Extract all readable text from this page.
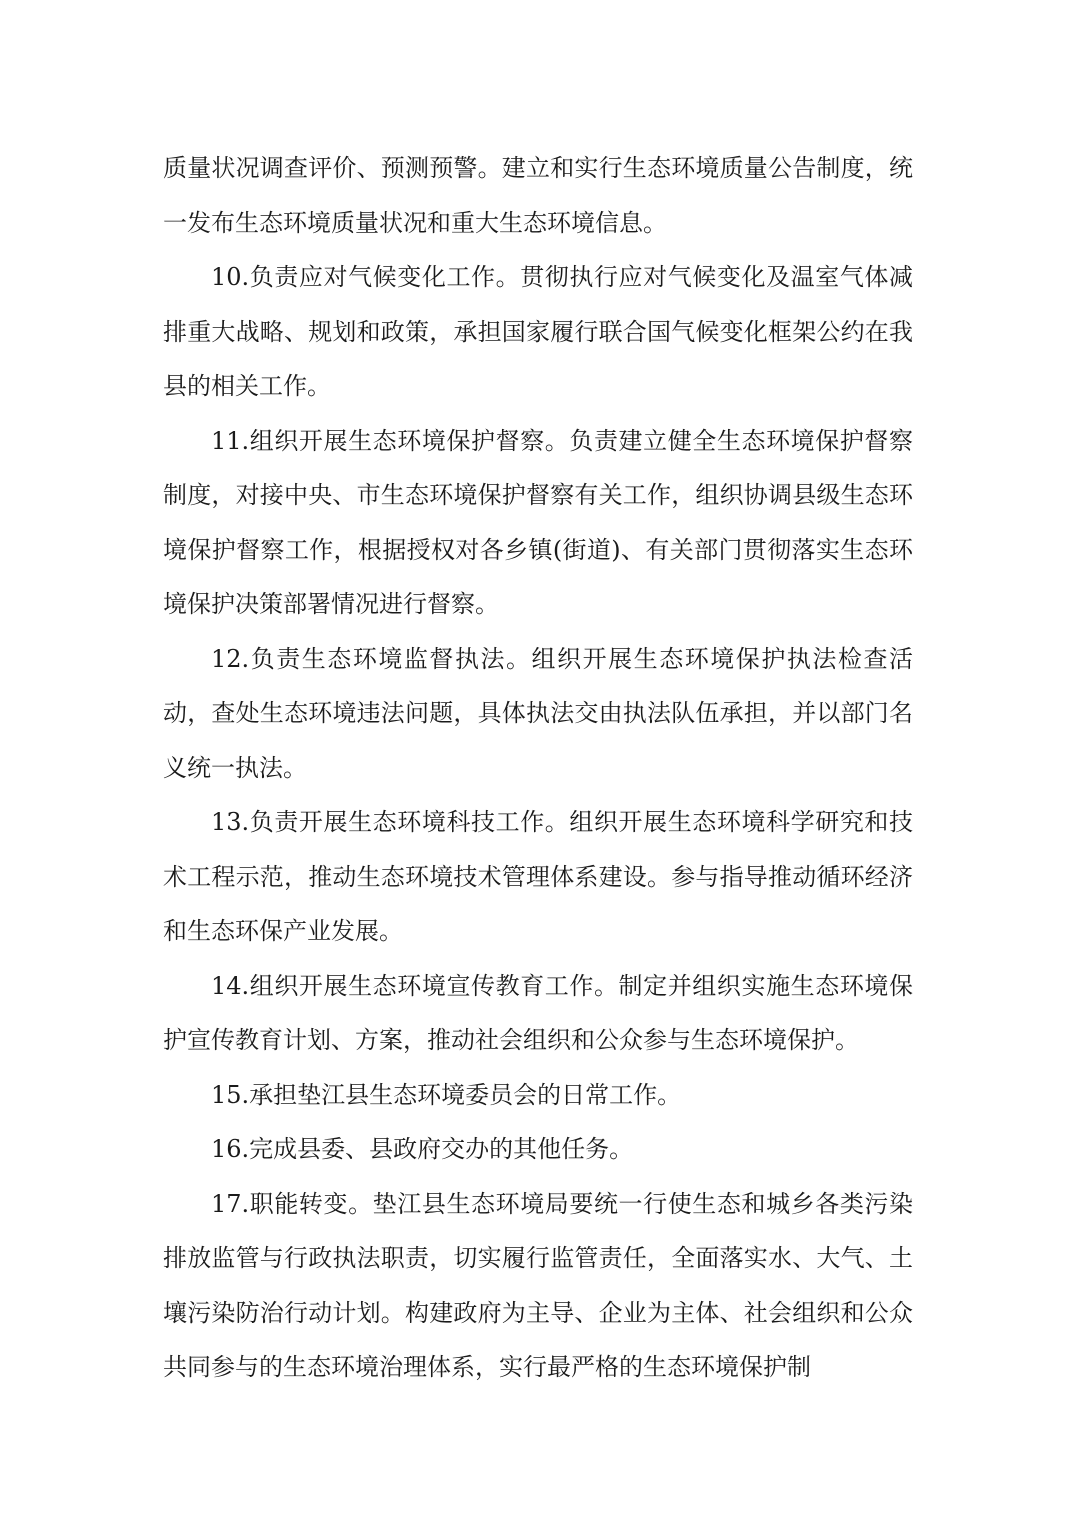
质量状况调查评价、预测预警。建立和实行生态环境质量公告制度，统一发布生态环境质量状况和重大生态环境信息。

10.负责应对气候变化工作。贯彻执行应对气候变化及温室气体减排重大战略、规划和政策，承担国家履行联合国气候变化框架公约在我县的相关工作。

11.组织开展生态环境保护督察。负责建立健全生态环境保护督察制度，对接中央、市生态环境保护督察有关工作，组织协调县级生态环境保护督察工作，根据授权对各乡镇(街道)、有关部门贯彻落实生态环境保护决策部署情况进行督察。

12.负责生态环境监督执法。组织开展生态环境保护执法检查活动，查处生态环境违法问题，具体执法交由执法队伍承担，并以部门名义统一执法。

13.负责开展生态环境科技工作。组织开展生态环境科学研究和技术工程示范，推动生态环境技术管理体系建设。参与指导推动循环经济和生态环保产业发展。

14.组织开展生态环境宣传教育工作。制定并组织实施生态环境保护宣传教育计划、方案，推动社会组织和公众参与生态环境保护。

15.承担垫江县生态环境委员会的日常工作。

16.完成县委、县政府交办的其他任务。

17.职能转变。垫江县生态环境局要统一行使生态和城乡各类污染排放监管与行政执法职责，切实履行监管责任，全面落实水、大气、土壤污染防治行动计划。构建政府为主导、企业为主体、社会组织和公众共同参与的生态环境治理体系，实行最严格的生态环境保护制
